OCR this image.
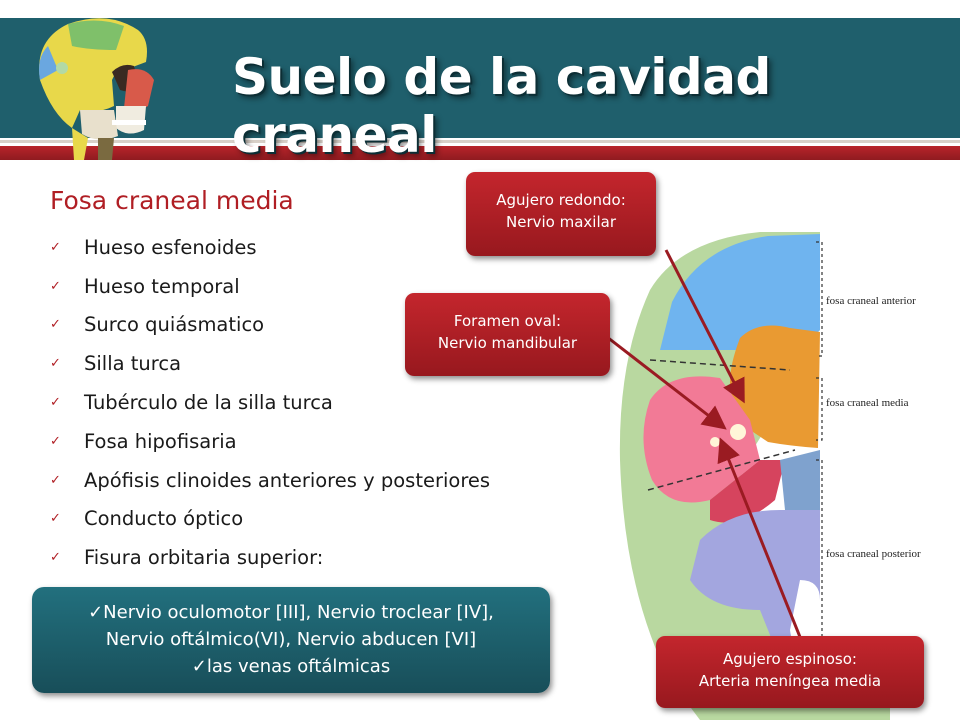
Suelo de la cavidad craneal
Fosa craneal media
✓ Hueso esfenoides
✓ Hueso temporal
✓ Surco quiásmatico
✓ Silla turca
✓ Tubérculo de la silla turca
✓ Fosa hipofisaria
✓ Apófisis clinoides anteriores y posteriores
✓ Conducto óptico
✓ Fisura orbitaria superior:
✓Nervio oculomotor [III], Nervio troclear [IV],
Nervio oftálmico(VI), Nervio abducen [VI]
✓las venas oftálmicas
fosa craneal anterior
fosa craneal media
fosa craneal posterior
Agujero redondo:
Nervio maxilar
Foramen oval:
Nervio mandibular
Agujero espinoso:
Arteria meníngea media
